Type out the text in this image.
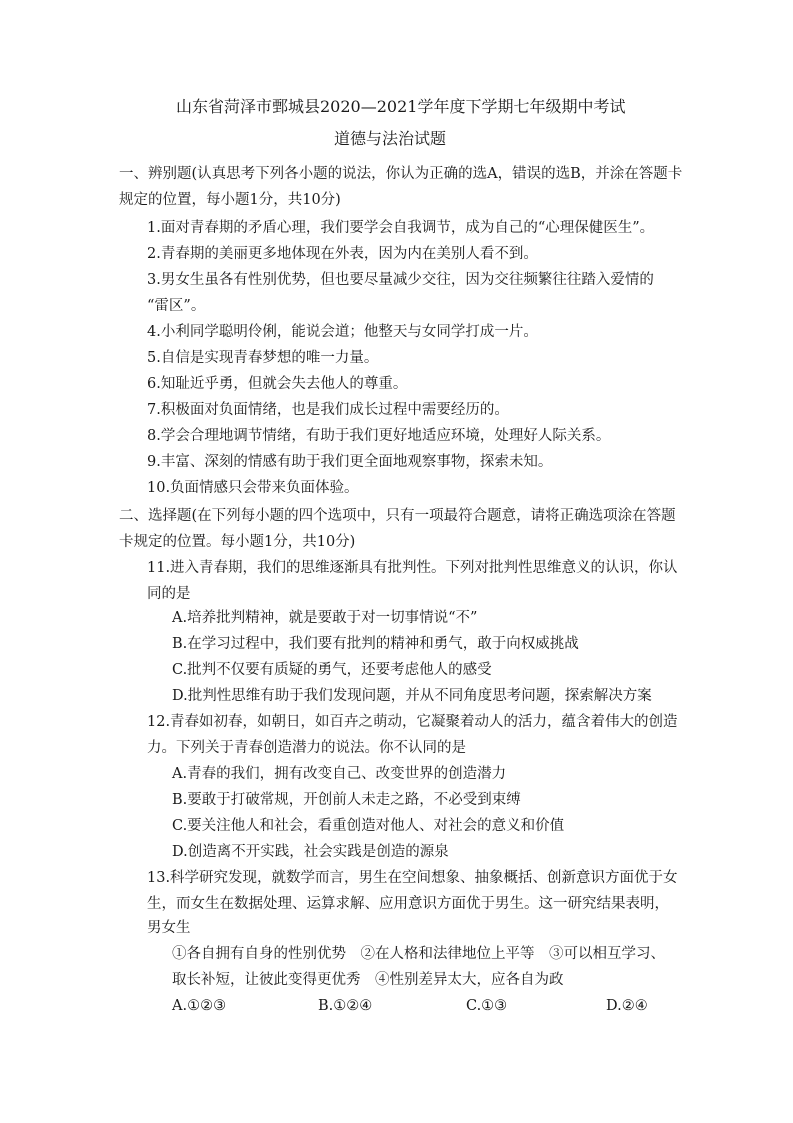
山东省菏泽市鄄城县2020—2021学年度下学期七年级期中考试
道德与法治试题
一、辨别题(认真思考下列各小题的说法，你认为正确的选A，错误的选B，并涂在答题卡
规定的位置，每小题1分，共10分)
1.面对青春期的矛盾心理，我们要学会自我调节，成为自己的“心理保健医生”。
2.青春期的美丽更多地体现在外表，因为内在美别人看不到。
3.男女生虽各有性别优势，但也要尽量减少交往，因为交往频繁往往踏入爱情的
“雷区”。
4.小利同学聪明伶俐，能说会道；他整天与女同学打成一片。
5.自信是实现青春梦想的唯一力量。
6.知耻近乎勇，但就会失去他人的尊重。
7.积极面对负面情绪，也是我们成长过程中需要经历的。
8.学会合理地调节情绪，有助于我们更好地适应环境，处理好人际关系。
9.丰富、深刻的情感有助于我们更全面地观察事物，探索未知。
10.负面情感只会带来负面体验。
二、选择题(在下列每小题的四个选项中，只有一项最符合题意，请将正确选项涂在答题
卡规定的位置。每小题1分，共10分)
11.进入青春期，我们的思维逐渐具有批判性。下列对批判性思维意义的认识，你认
同的是
A.培养批判精神，就是要敢于对一切事情说“不”
B.在学习过程中，我们要有批判的精神和勇气，敢于向权威挑战
C.批判不仅要有质疑的勇气，还要考虑他人的感受
D.批判性思维有助于我们发现问题，并从不同角度思考问题，探索解决方案
12.青春如初春，如朝日，如百卉之萌动，它凝聚着动人的活力，蕴含着伟大的创造
力。下列关于青春创造潜力的说法。你不认同的是
A.青春的我们，拥有改变自己、改变世界的创造潜力
B.要敢于打破常规，开创前人未走之路，不必受到束缚
C.要关注他人和社会，看重创造对他人、对社会的意义和价值
D.创造离不开实践，社会实践是创造的源泉
13.科学研究发现，就数学而言，男生在空间想象、抽象概括、创新意识方面优于女
生，而女生在数据处理、运算求解、应用意识方面优于男生。这一研究结果表明，
男女生
①各自拥有自身的性别优势　②在人格和法律地位上平等　③可以相互学习、
取长补短，让彼此变得更优秀　④性别差异太大，应各自为政
A.①②③	B.①②④	C.①③	D.②④
